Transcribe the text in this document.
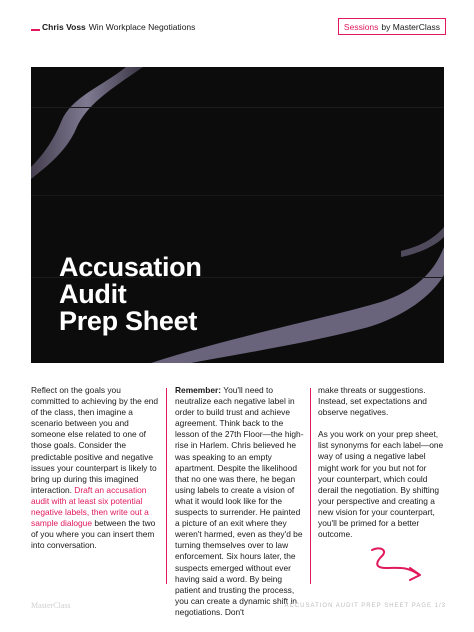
Chris Voss Win Workplace Negotiations	Sessions by MasterClass
Accusation
Audit
Prep Sheet

Reflect on the goals you committed to achieving by the end of the class, then imagine a scenario between you and someone else related to one of those goals. Consider the predictable positive and negative issues your counterpart is likely to bring up during this imagined interaction. Draft an accusation audit with at least six potential negative labels, then write out a sample dialogue between the two of you where you can insert them into conversation.

Remember: You'll need to neutralize each negative label in order to build trust and achieve agreement. Think back to the lesson of the 27th Floor—the high-rise in Harlem. Chris believed he was speaking to an empty apartment. Despite the likelihood that no one was there, he began using labels to create a vision of what it would look like for the suspects to surrender. He painted a picture of an exit where they weren't harmed, even as they'd be turning themselves over to law enforcement. Six hours later, the suspects emerged without ever having said a word. By being patient and trusting the process, you can create a dynamic shift in negotiations. Don't

make threats or suggestions. Instead, set expectations and observe negatives.

As you work on your prep sheet, list synonyms for each label—one way of using a negative label might work for you but not for your counterpart, which could derail the negotiation. By shifting your perspective and creating a new vision for your counterpart, you'll be primed for a better outcome.

MasterClass	ACCUSATION AUDIT PREP SHEET PAGE 1/3
